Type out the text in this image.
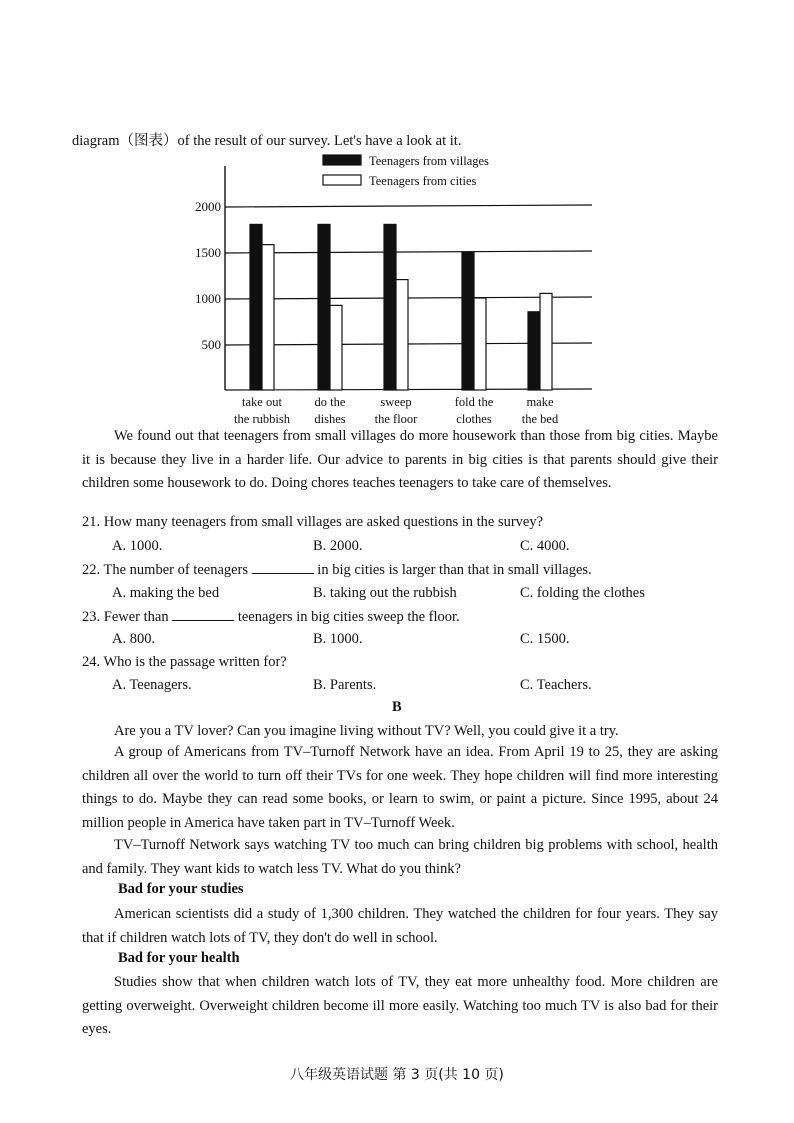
diagram（图表）of the result of our survey. Let's have a look at it.
500
1000
1500
2000
Teenagers from villages
Teenagers from cities
take out
the rubbish
do the
dishes
sweep
the floor
fold the
clothes
make
the bed
We found out that teenagers from small villages do more housework than those from big cities. Maybe it is because they live in a harder life. Our advice to parents in big cities is that parents should give their children some housework to do. Doing chores teaches teenagers to take care of themselves.
21. How many teenagers from small villages are asked questions in the survey?
A. 1000.	B. 2000.	C. 4000.
22. The number of teenagers	in big cities is larger than that in small villages.
A. making the bed	B. taking out the rubbish	C. folding the clothes
23. Fewer than	teenagers in big cities sweep the floor.
A. 800.	B. 1000.	C. 1500.
24. Who is the passage written for?
A. Teenagers.	B. Parents.	C. Teachers.
B
Are you a TV lover? Can you imagine living without TV? Well, you could give it a try.
A group of Americans from TV–Turnoff Network have an idea. From April 19 to 25, they are asking children all over the world to turn off their TVs for one week. They hope children will find more interesting things to do. Maybe they can read some books, or learn to swim, or paint a picture. Since 1995, about 24 million people in America have taken part in TV–Turnoff Week.
TV–Turnoff Network says watching TV too much can bring children big problems with school, health and family. They want kids to watch less TV. What do you think?
Bad for your studies
American scientists did a study of 1,300 children. They watched the children for four years. They say that if children watch lots of TV, they don't do well in school.
Bad for your health
Studies show that when children watch lots of TV, they eat more unhealthy food. More children are getting overweight. Overweight children become ill more easily. Watching too much TV is also bad for their eyes.
八年级英语试题 第 3 页(共 10 页)
